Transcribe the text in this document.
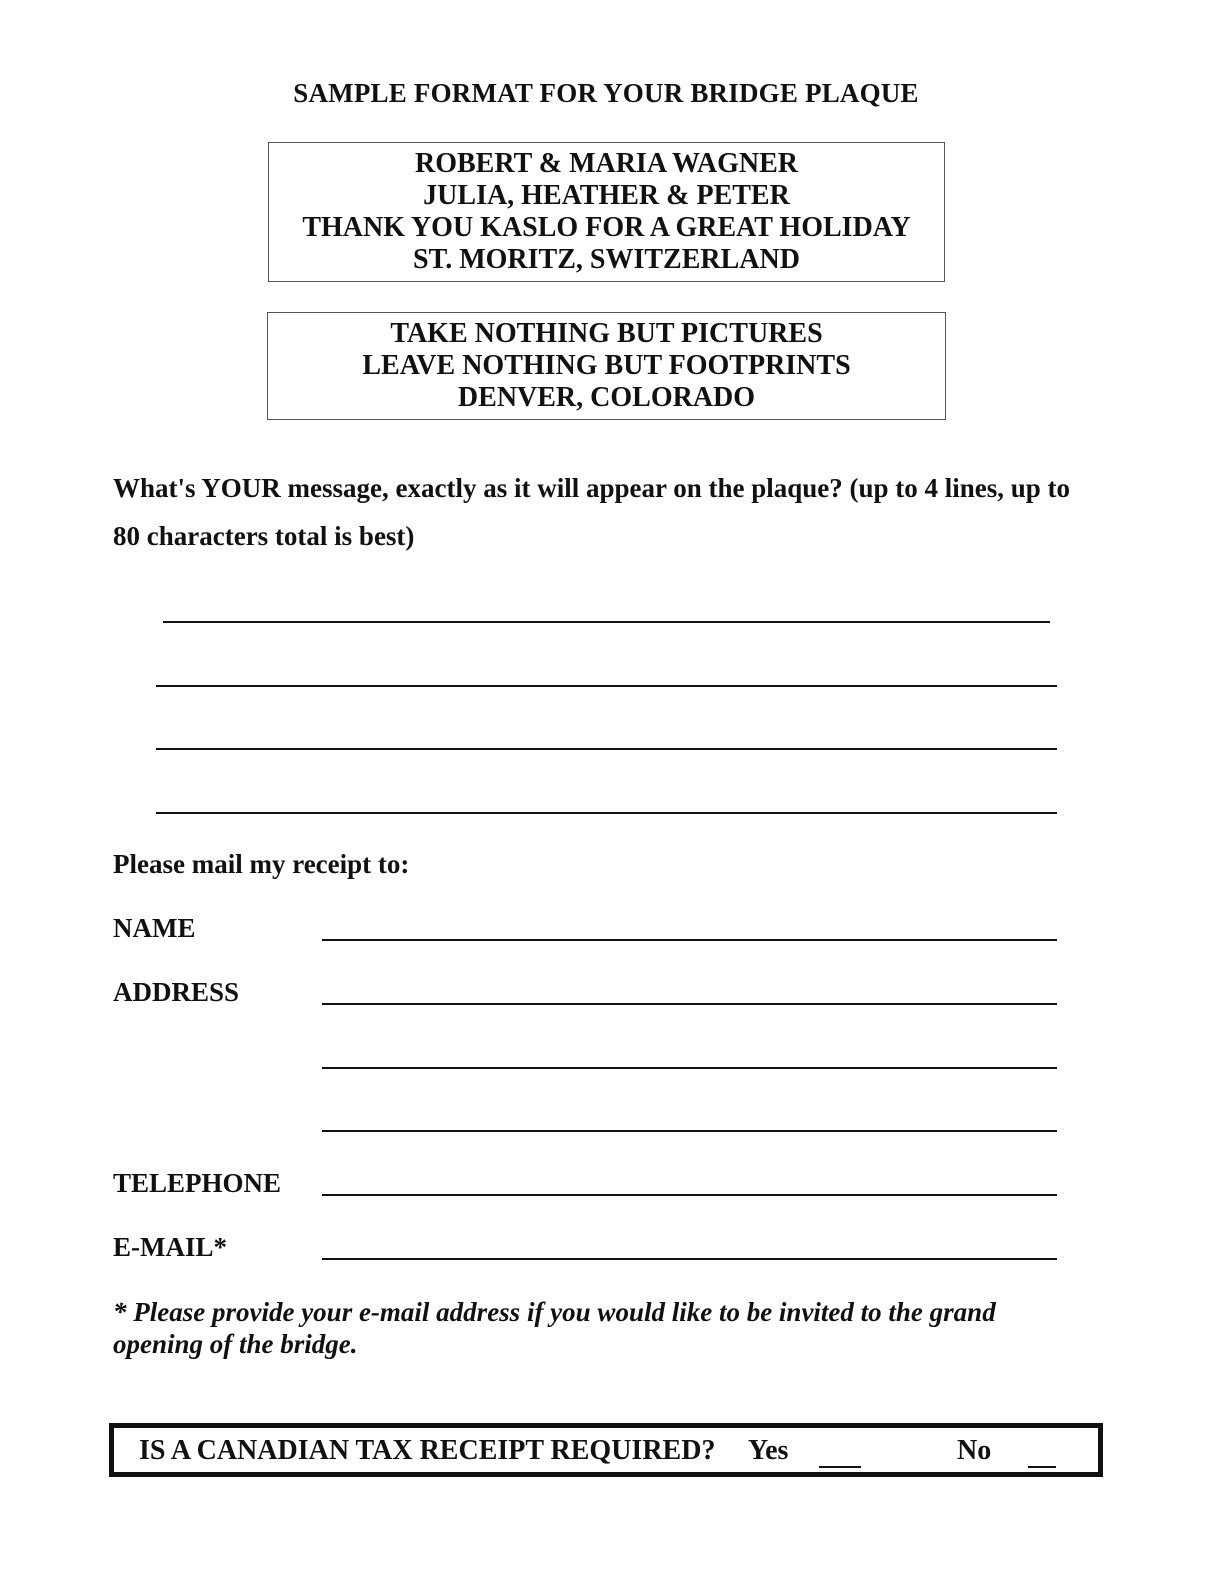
SAMPLE FORMAT FOR YOUR BRIDGE PLAQUE
ROBERT & MARIA WAGNER
JULIA, HEATHER & PETER
THANK YOU KASLO FOR A GREAT HOLIDAY
ST. MORITZ, SWITZERLAND
TAKE NOTHING BUT PICTURES
LEAVE NOTHING BUT FOOTPRINTS
DENVER, COLORADO
What's YOUR message, exactly as it will appear on the plaque? (up to 4 lines, up to 80 characters total is best)
Please mail my receipt to:
NAME
ADDRESS
TELEPHONE
E-MAIL*
* Please provide your e-mail address if you would like to be invited to the grand opening of the bridge.
IS A CANADIAN TAX RECEIPT REQUIRED? Yes	No
